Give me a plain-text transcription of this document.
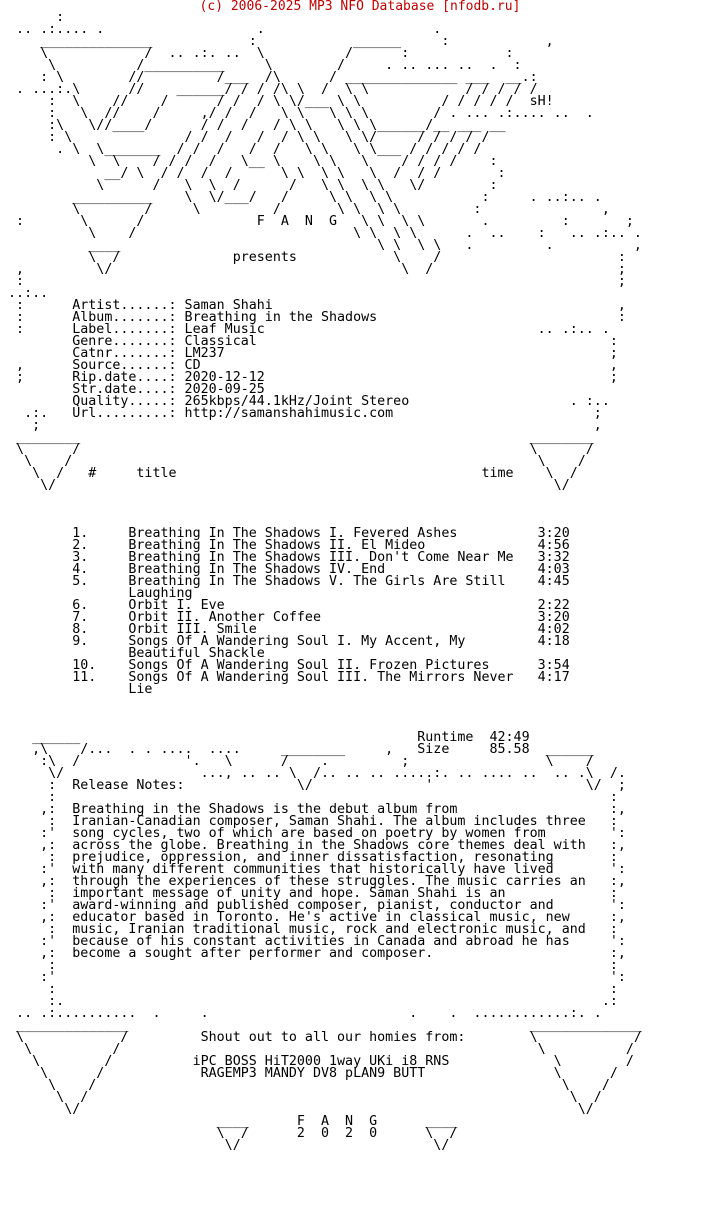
(c) 2006-2025 MP3 NFO Database [nfodb.ru]
:
.. .:.... .                   .                     .
______________            :            ______     :            ,
\            /  .. .:. ..  \          /      :            :
\          /__________     \        /     . .. ... ..  .  :
: \        //         /___  /\      / ______________ ___  __.:
. ...:.\      //    ______/ / / /\ \  /  \ \            / / / / /
:  \    //    /      / /  / \ \/___ \ \          / / / / /  sH!
:   \  //    /     ,/ /  /   \ \   \ \ \        / . ... .:.... ..  .
:\   \//____/      / /  /   / \ \   \ \ \______/__ ___ __
: \              / /  /   /  / \ \   \ \/     / / / / /
. \  \_______  / /  /   /  /   \ \   \ \___ / / / / /
\  \    / / /  /   \__ \    \ \   \    / / / /    :
__/ \  / /  /  /      \ \  \ \   \  /  / /       :
\      /   \  \  /      /   \ \  \ \   \/        :
__________    \  \/___/   /     \ \  \ \           :     . ..:.. .
\        /     \         /       \ \  \ \         :               ,
:       \      /              F  A  N  G   \ \  \ \       .         :       ;
\    /                           \ \  \ \      .  ..    :   .. .:.. .
____                                \ \  \ \   .         .          ,
\  /              presents            \    /                      :
,         \/                                    \  /                       ;
:                                                                          ;
..:..
:      Artist......: Saman Shahi                                           ,
:      Album.......: Breathing in the Shadows                              :
:      Label.......: Leaf Music                                  .. .:.. .
Genre.......: Classical                                            :
Catnr.......: LM237                                                ;
,      Source......: CD                                                   ,
;      Rip.date....: 2020-12-12                                           ;
Str.date....: 2020-09-25
Quality.....: 265kbps/44.1kHz/Joint Stereo                    . :..
.:.   Url.........: http://samanshahimusic.com                         ;
;                                                                     ,
________                                                        ________
\      /                                                        \      /
\    /                                                          \    /
\  /   #     title                                      time    \  /
\/                                                              \/

1.     Breathing In The Shadows I. Fevered Ashes          3:20
2.     Breathing In The Shadows II. El Mideo              4:56
3.     Breathing In The Shadows III. Don't Come Near Me   3:32
4.     Breathing In The Shadows IV. End                   4:03
5.     Breathing In The Shadows V. The Girls Are Still    4:45
Laughing
6.     Orbit I. Eve                                       2:22
7.     Orbit II. Another Coffee                           3:20
8.     Orbit III. Smile                                   4:02
9.     Songs Of A Wandering Soul I. My Accent, My         4:18
Beautiful Shackle
10.    Songs Of A Wandering Soul II. Frozen Pictures      3:54
11.    Songs Of A Wandering Soul III. The Mirrors Never   4:17
Lie

______                                          Runtime  42:49
,\    /...  . . ....  ....     ________     ,   Size     85.58  ______
:\  /             '.   \      /    .         ;                 \    /
\/                 ..., .. .. \  /.. .. .. .....:. .. .... ..  .. .\  /.
:  Release Notes:              \/              '                   \/  ;
:                                                                     :
,:  Breathing in the Shadows is the debut album from                   :,
:  Iranian-Canadian composer, Saman Shahi. The album includes three   :
:'  song cycles, two of which are based on poetry by women from        ':
,:  across the globe. Breathing in the Shadows core themes deal with   :,
:  prejudice, oppression, and inner dissatisfaction, resonating       :
:'  with many different communities that historically have lived       ':
,:  through the experiences of these struggles. The music carries an   :,
:  important message of unity and hope. Saman Shahi is an             :
:'  award-winning and published composer, pianist, conductor and       ':
,:  educator based in Toronto. He's active in classical music, new     :,
:  music, Iranian traditional music, rock and electronic music, and   :
:'  because of his constant activities in Canada and abroad he has     ':
,:  become a sought after performer and composer.                      :,
:                                                                     :
:'                                                                     ':
:                                                                     :
:.                                                                   .:
.. .:..........  .     .                         .    .  ............:. .
______________                                                  ______________
\            /         Shout out to all our homies from:        \            /
\          /                                                    \          /
\        /          iPC BOSS HiT2000 1way UKi i8 RNS             \        /
\      /            RAGEMP3 MANDY DV8 pLAN9 BUTT                \      /
\    /                                                          \    /
\  /                                                            \  /
\/                                                              \/
____      F  A  N  G      ____
\  /      2  0  2  0      \  /
\/                        \/
